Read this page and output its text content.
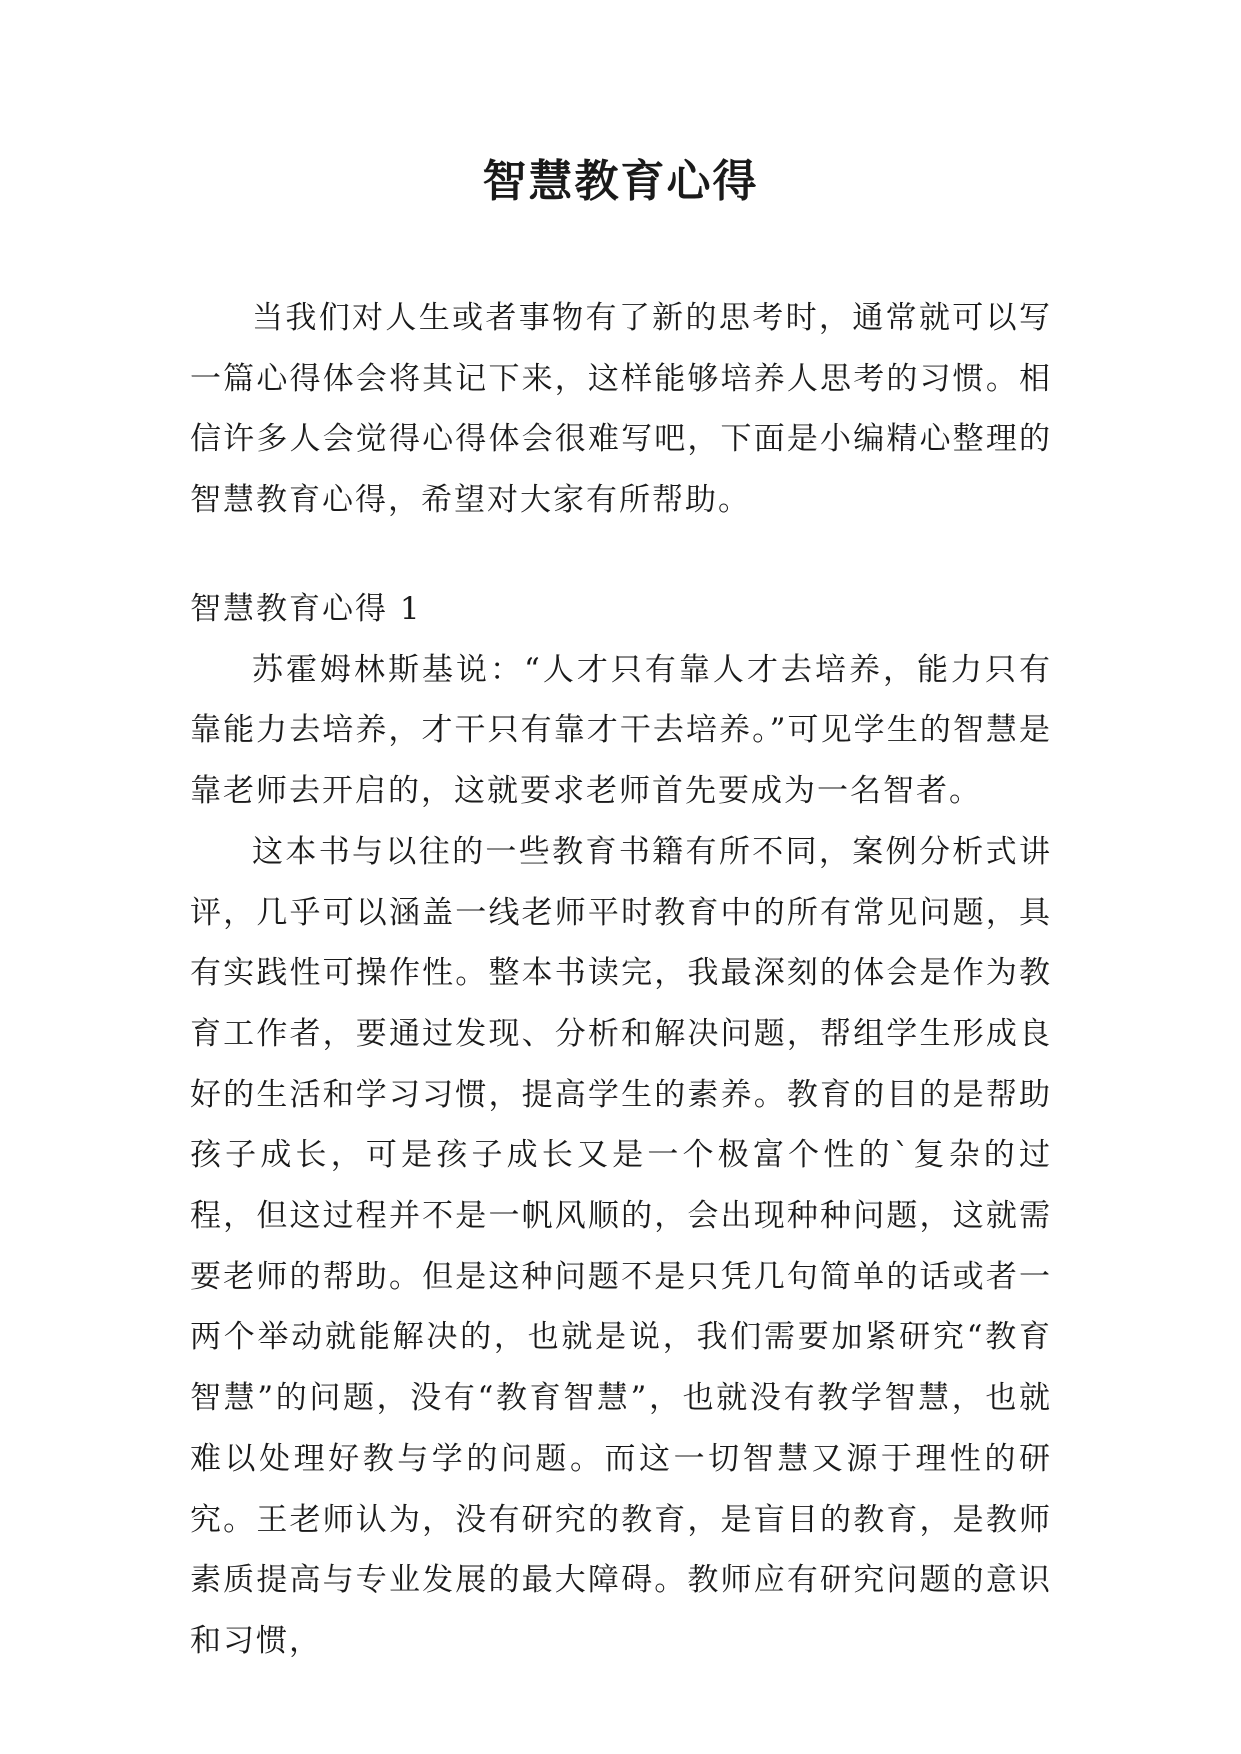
智慧教育心得

当我们对人生或者事物有了新的思考时，通常就可以写一篇心得体会将其记下来，这样能够培养人思考的习惯。相信许多人会觉得心得体会很难写吧，下面是小编精心整理的智慧教育心得，希望对大家有所帮助。

智慧教育心得 1

苏霍姆林斯基说：“人才只有靠人才去培养，能力只有靠能力去培养，才干只有靠才干去培养。”可见学生的智慧是靠老师去开启的，这就要求老师首先要成为一名智者。

这本书与以往的一些教育书籍有所不同，案例分析式讲评，几乎可以涵盖一线老师平时教育中的所有常见问题，具有实践性可操作性。整本书读完，我最深刻的体会是作为教育工作者，要通过发现、分析和解决问题，帮组学生形成良好的生活和学习习惯，提高学生的素养。教育的目的是帮助孩子成长，可是孩子成长又是一个极富个性的`复杂的过程，但这过程并不是一帆风顺的，会出现种种问题，这就需要老师的帮助。但是这种问题不是只凭几句简单的话或者一两个举动就能解决的，也就是说，我们需要加紧研究“教育智慧”的问题，没有“教育智慧”，也就没有教学智慧，也就难以处理好教与学的问题。而这一切智慧又源于理性的研究。王老师认为，没有研究的教育，是盲目的教育，是教师素质提高与专业发展的最大障碍。教师应有研究问题的意识和习惯，
